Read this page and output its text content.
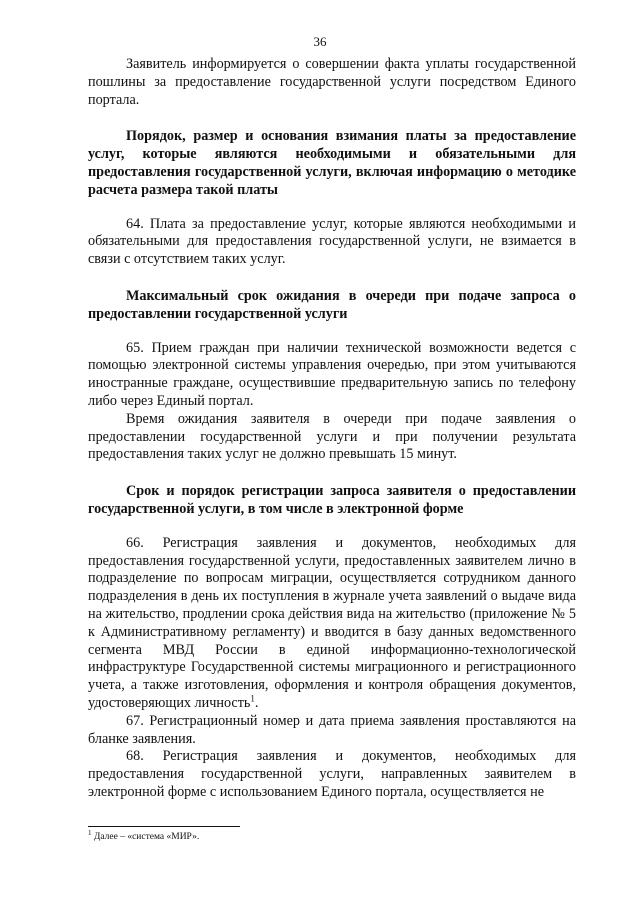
36

Заявитель информируется о совершении факта уплаты государственной пошлины за предоставление государственной услуги посредством Единого портала.

Порядок, размер и основания взимания платы за предоставление услуг, которые являются необходимыми и обязательными для предоставления государственной услуги, включая информацию о методике расчета размера такой платы

64. Плата за предоставление услуг, которые являются необходимыми и обязательными для предоставления государственной услуги, не взимается в связи с отсутствием таких услуг.

Максимальный срок ожидания в очереди при подаче запроса о предоставлении государственной услуги

65. Прием граждан при наличии технической возможности ведется с помощью электронной системы управления очередью, при этом учитываются иностранные граждане, осуществившие предварительную запись по телефону либо через Единый портал.

Время ожидания заявителя в очереди при подаче заявления о предоставлении государственной услуги и при получении результата предоставления таких услуг не должно превышать 15 минут.

Срок и порядок регистрации запроса заявителя о предоставлении государственной услуги, в том числе в электронной форме

66. Регистрация заявления и документов, необходимых для предоставления государственной услуги, предоставленных заявителем лично в подразделение по вопросам миграции, осуществляется сотрудником данного подразделения в день их поступления в журнале учета заявлений о выдаче вида на жительство, продлении срока действия вида на жительство (приложение № 5 к Административному регламенту) и вводится в базу данных ведомственного сегмента МВД России в единой информационно-технологической инфраструктуре Государственной системы миграционного и регистрационного учета, а также изготовления, оформления и контроля обращения документов, удостоверяющих личность$^1$.

67. Регистрационный номер и дата приема заявления проставляются на бланке заявления.

68. Регистрация заявления и документов, необходимых для предоставления государственной услуги, направленных заявителем в электронной форме с использованием Единого портала, осуществляется не

$^1$ Далее – «система «МИР».
